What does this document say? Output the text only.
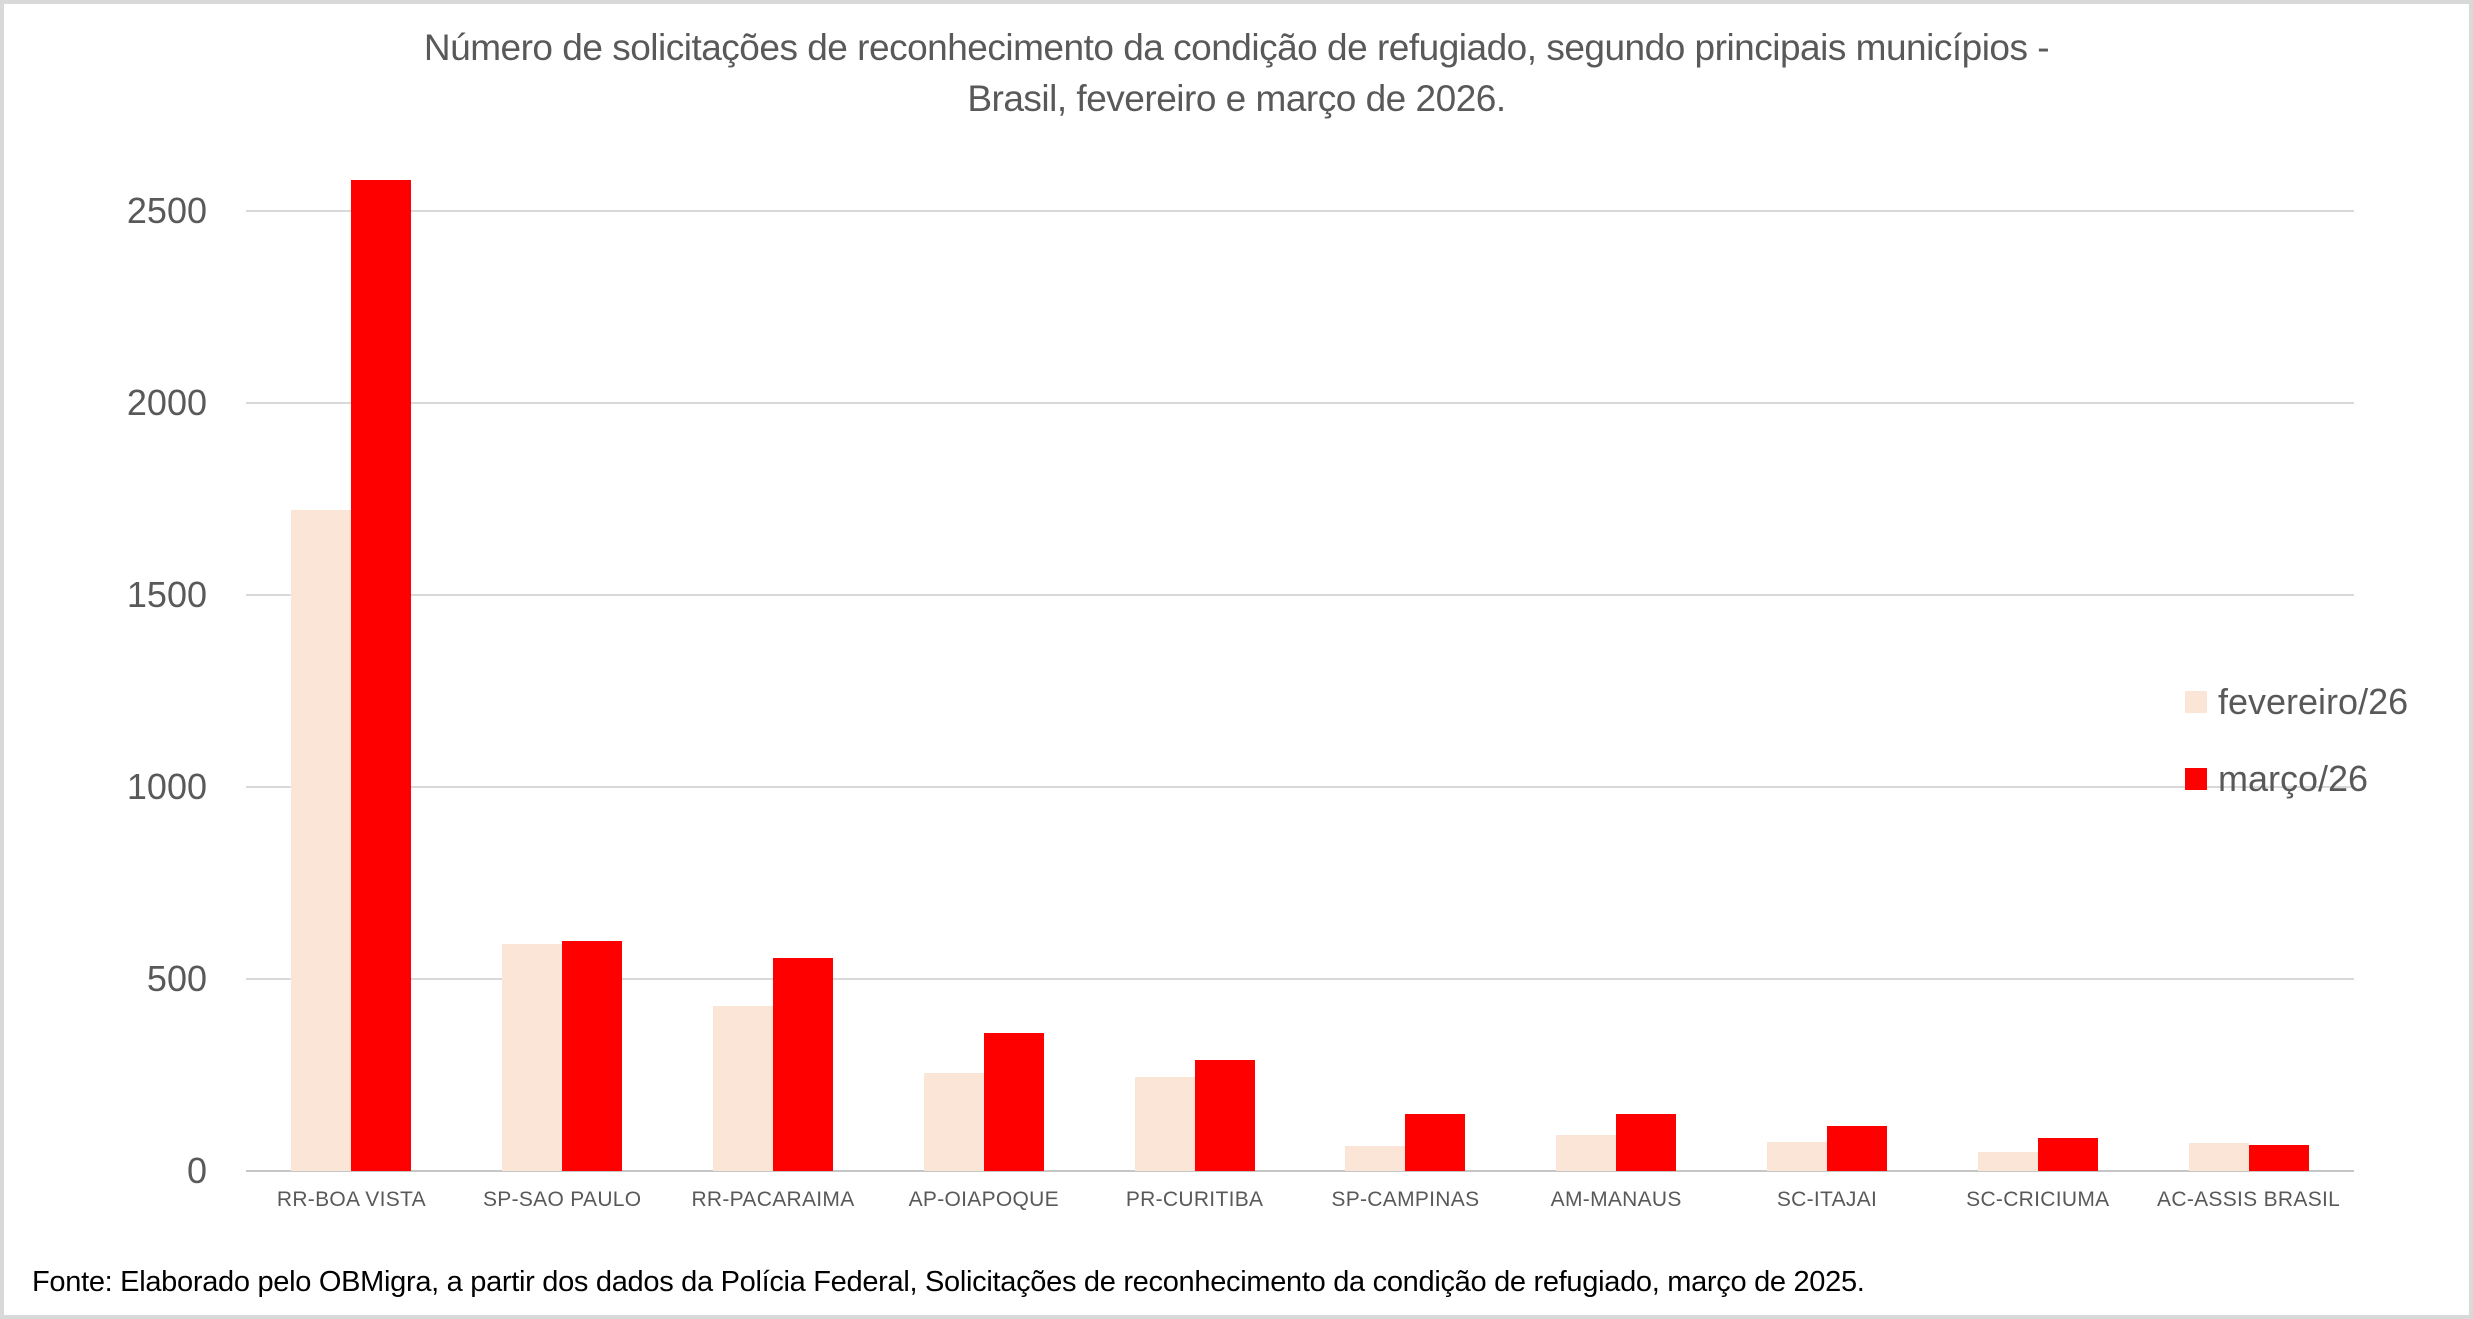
Número de solicitações de reconhecimento da condição de refugiado, segundo principais municípios -
Brasil, fevereiro e março de 2026.
fevereiro/26
março/26
Fonte: Elaborado pelo OBMigra, a partir dos dados da Polícia Federal, Solicitações de reconhecimento da condição de refugiado, março de 2025.
0
500
1000
1500
2000
2500
RR-BOA VISTA	SP-SAO PAULO	RR-PACARAIMA	AP-OIAPOQUE	PR-CURITIBA	SP-CAMPINAS	AM-MANAUS	SC-ITAJAI	SC-CRICIUMA	AC-ASSIS BRASIL
